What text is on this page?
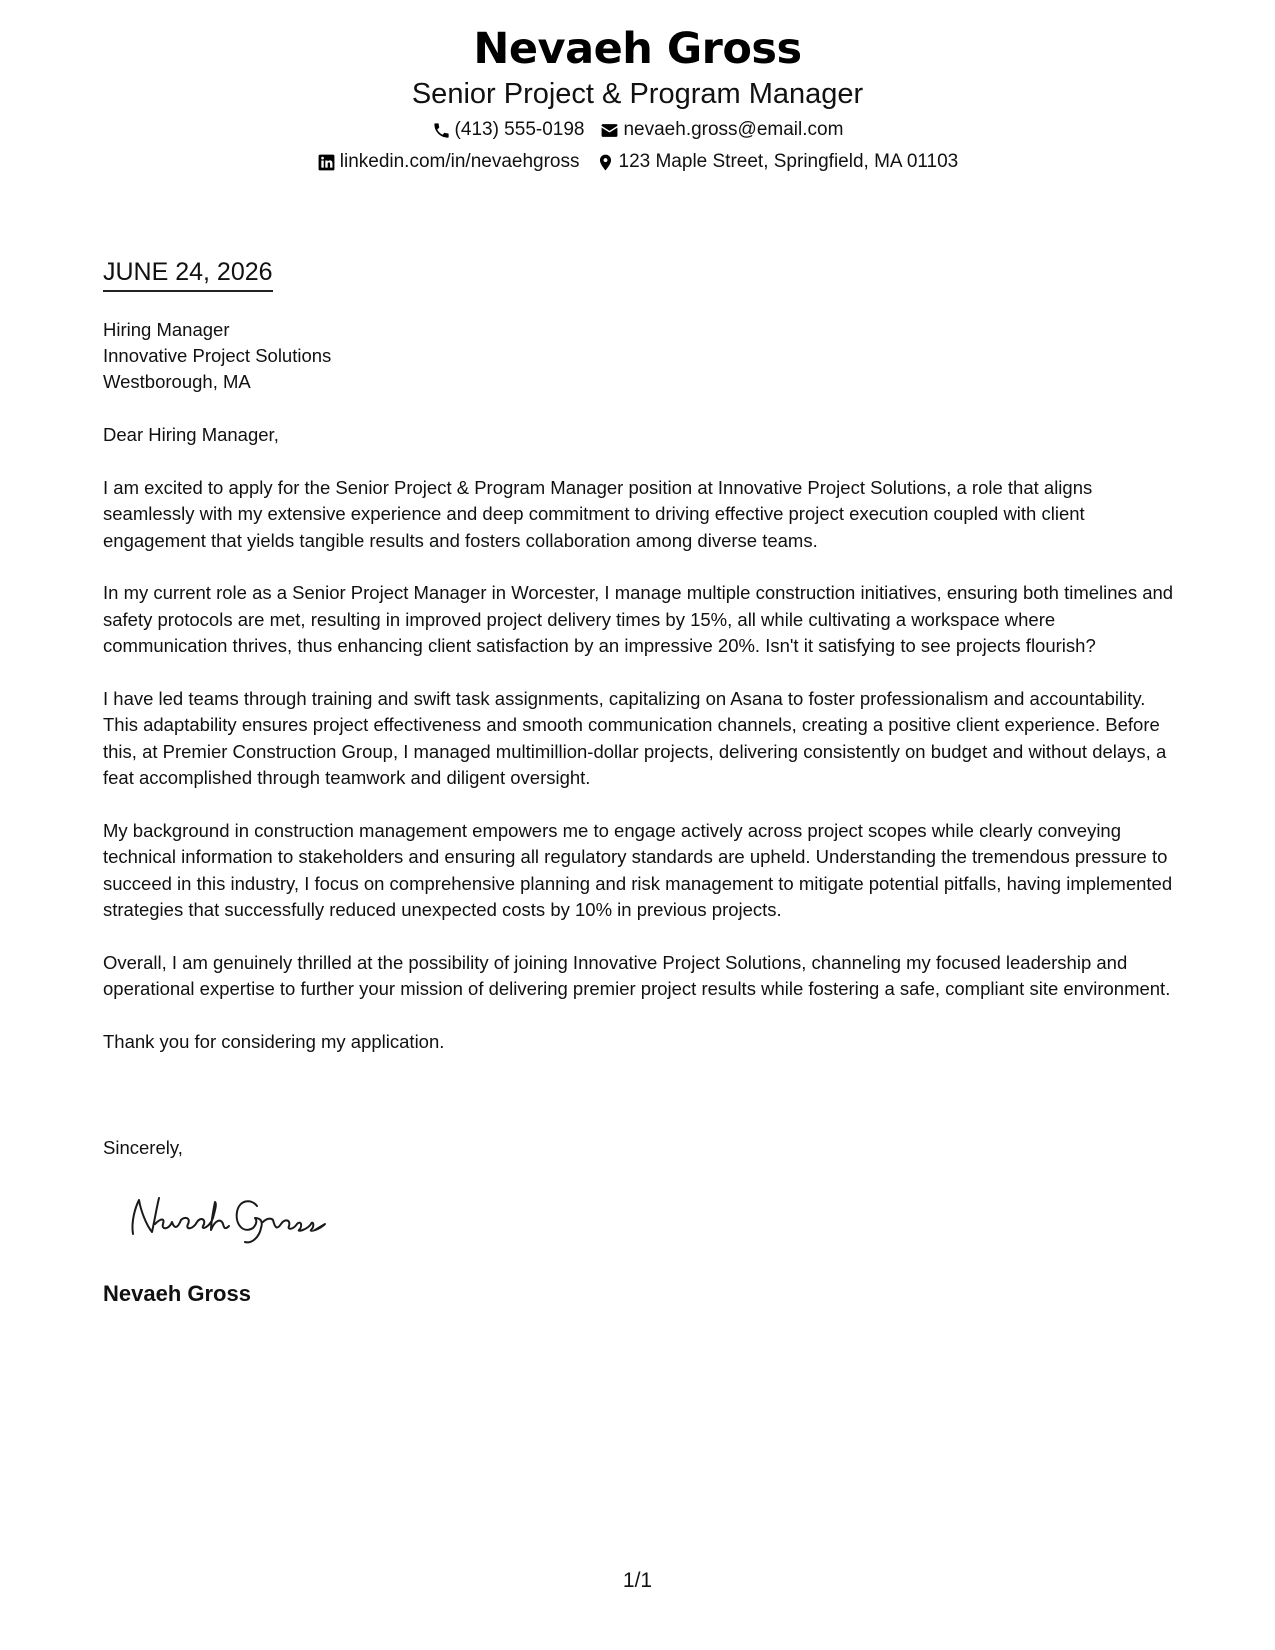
Nevaeh Gross
Senior Project & Program Manager
(413) 555-0198 nevaeh.gross@email.com
linkedin.com/in/nevaehgross 123 Maple Street, Springfield, MA 01103
JUNE 24, 2026
Hiring Manager
Innovative Project Solutions
Westborough, MA

Dear Hiring Manager,

I am excited to apply for the Senior Project & Program Manager position at Innovative Project Solutions, a role that aligns seamlessly with my extensive experience and deep commitment to driving effective project execution coupled with client engagement that yields tangible results and fosters collaboration among diverse teams.

In my current role as a Senior Project Manager in Worcester, I manage multiple construction initiatives, ensuring both timelines and safety protocols are met, resulting in improved project delivery times by 15%, all while cultivating a workspace where communication thrives, thus enhancing client satisfaction by an impressive 20%. Isn't it satisfying to see projects flourish?

I have led teams through training and swift task assignments, capitalizing on Asana to foster professionalism and accountability. This adaptability ensures project effectiveness and smooth communication channels, creating a positive client experience. Before this, at Premier Construction Group, I managed multimillion-dollar projects, delivering consistently on budget and without delays, a feat accomplished through teamwork and diligent oversight.

My background in construction management empowers me to engage actively across project scopes while clearly conveying technical information to stakeholders and ensuring all regulatory standards are upheld. Understanding the tremendous pressure to succeed in this industry, I focus on comprehensive planning and risk management to mitigate potential pitfalls, having implemented strategies that successfully reduced unexpected costs by 10% in previous projects.

Overall, I am genuinely thrilled at the possibility of joining Innovative Project Solutions, channeling my focused leadership and operational expertise to further your mission of delivering premier project results while fostering a safe, compliant site environment.

Thank you for considering my application.

Sincerely,
Nevaeh Gross
1/1
